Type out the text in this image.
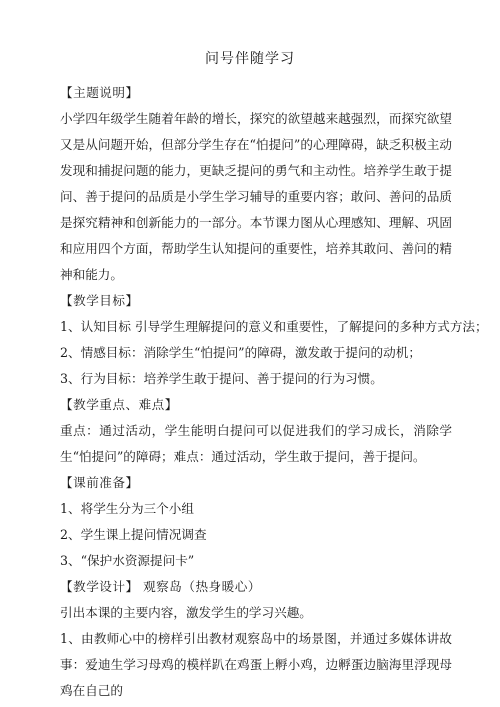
问号伴随学习

【主题说明】

小学四年级学生随着年龄的增长，探究的欲望越来越强烈，而探究欲望又是从问题开始，但部分学生存在“怕提问”的心理障碍，缺乏积极主动发现和捕捉问题的能力，更缺乏提问的勇气和主动性。培养学生敢于提问、善于提问的品质是小学生学习辅导的重要内容；敢问、善问的品质是探究精神和创新能力的一部分。本节课力图从心理感知、理解、巩固和应用四个方面，帮助学生认知提问的重要性，培养其敢问、善问的精神和能力。

【教学目标】

1、认知目标 引导学生理解提问的意义和重要性，了解提问的多种方式方法；

2、情感目标：消除学生“怕提问”的障碍，激发敢于提问的动机；

3、行为目标：培养学生敢于提问、善于提问的行为习惯。

【教学重点、难点】

重点：通过活动，学生能明白提问可以促进我们的学习成长，消除学生“怕提问”的障碍；难点：通过活动，学生敢于提问，善于提问。

【课前准备】

1、将学生分为三个小组

2、学生课上提问情况调查

3、“保护水资源提问卡”

【教学设计】 观察岛（热身暖心）

引出本课的主要内容，激发学生的学习兴趣。

1、由教师心中的榜样引出教材观察岛中的场景图，并通过多媒体讲故事：爱迪生学习母鸡的模样趴在鸡蛋上孵小鸡，边孵蛋边脑海里浮现母鸡在自己的
